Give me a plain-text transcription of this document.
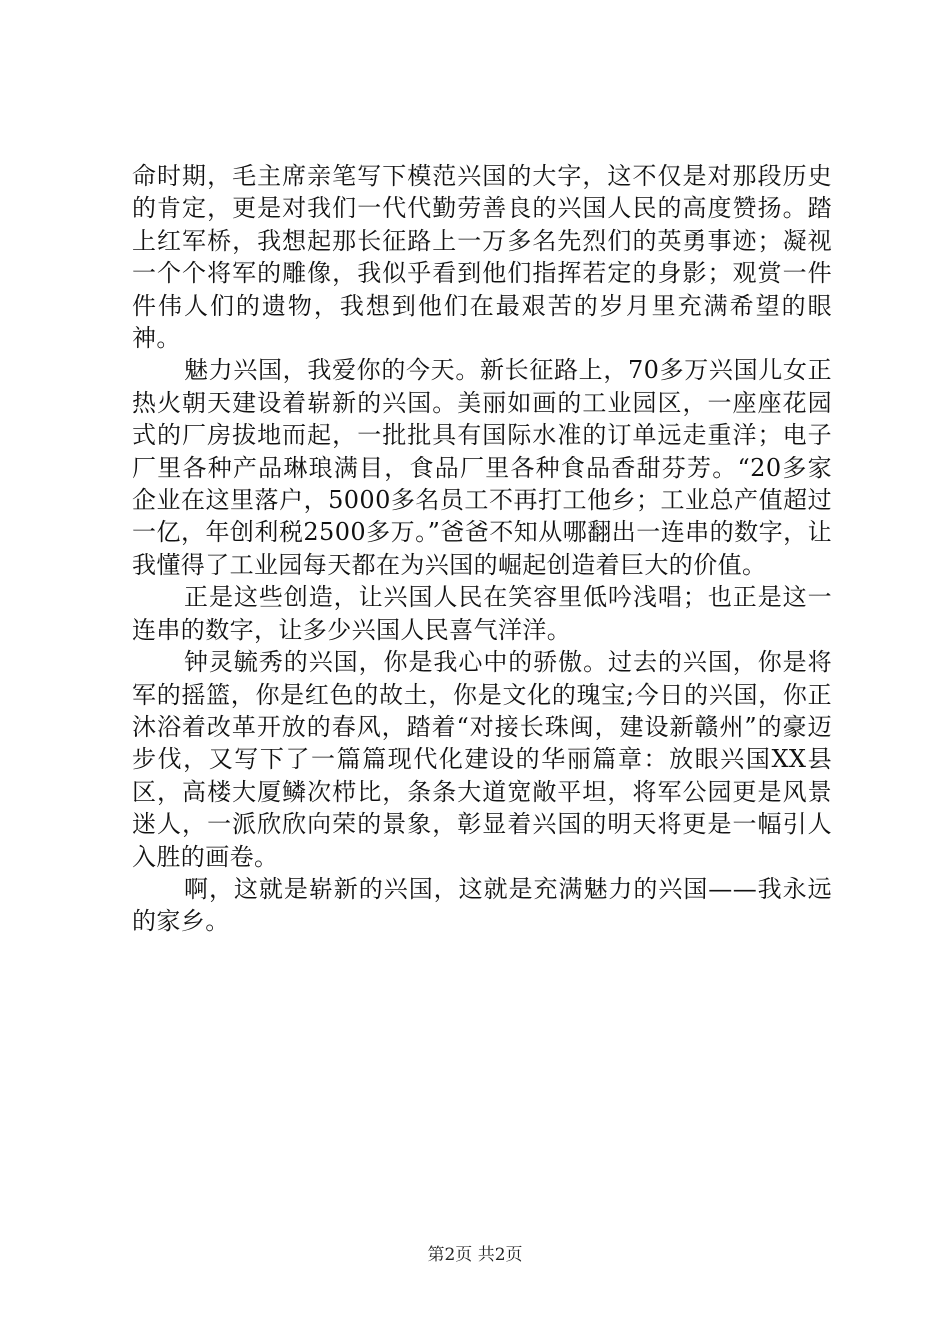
命时期，毛主席亲笔写下模范兴国的大字，这不仅是对那段历史的肯定，更是对我们一代代勤劳善良的兴国人民的高度赞扬。踏上红军桥，我想起那长征路上一万多名先烈们的英勇事迹；凝视一个个将军的雕像，我似乎看到他们指挥若定的身影；观赏一件件伟人们的遗物，我想到他们在最艰苦的岁月里充满希望的眼神。

魅力兴国，我爱你的今天。新长征路上，70多万兴国儿女正热火朝天建设着崭新的兴国。美丽如画的工业园区，一座座花园式的厂房拔地而起，一批批具有国际水准的订单远走重洋；电子厂里各种产品琳琅满目，食品厂里各种食品香甜芬芳。“20多家企业在这里落户，5000多名员工不再打工他乡；工业总产值超过一亿，年创利税2500多万。”爸爸不知从哪翻出一连串的数字，让我懂得了工业园每天都在为兴国的崛起创造着巨大的价值。

正是这些创造，让兴国人民在笑容里低吟浅唱；也正是这一连串的数字，让多少兴国人民喜气洋洋。

钟灵毓秀的兴国，你是我心中的骄傲。过去的兴国，你是将军的摇篮，你是红色的故土，你是文化的瑰宝;今日的兴国，你正沐浴着改革开放的春风，踏着“对接长珠闽，建设新赣州”的豪迈步伐，又写下了一篇篇现代化建设的华丽篇章：放眼兴国XX县区，高楼大厦鳞次栉比，条条大道宽敞平坦，将军公园更是风景迷人，一派欣欣向荣的景象，彰显着兴国的明天将更是一幅引人入胜的画卷。

啊，这就是崭新的兴国，这就是充满魅力的兴国——我永远的家乡。

第2页 共2页
